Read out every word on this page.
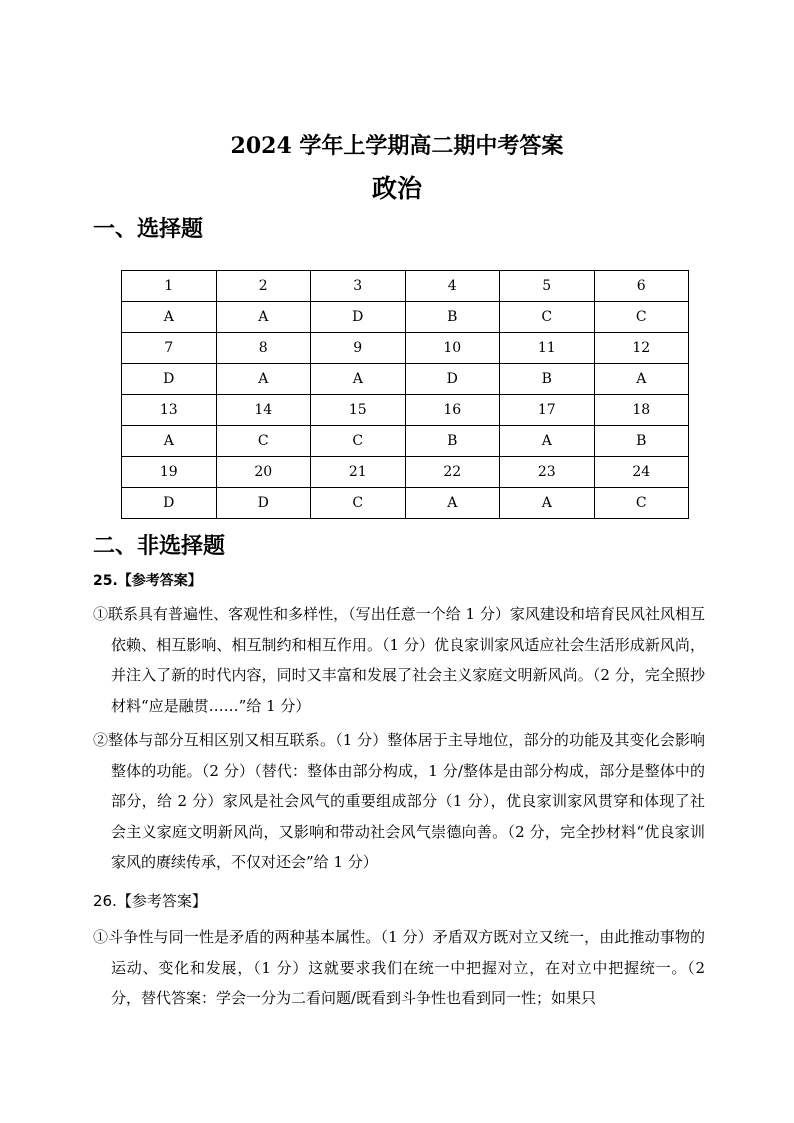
2024 学年上学期高二期中考答案
政治
一、选择题
1	2	3	4	5	6
A	A	D	B	C	C
7	8	9	10	11	12
D	A	A	D	B	A
13	14	15	16	17	18
A	C	C	B	A	B
19	20	21	22	23	24
D	D	C	A	A	C
二、非选择题
25.【参考答案】
①联系具有普遍性、客观性和多样性，（写出任意一个给 1 分）家风建设和培育民风社风相互依赖、相互影响、相互制约和相互作用。（1 分）优良家训家风适应社会生活形成新风尚，并注入了新的时代内容，同时又丰富和发展了社会主义家庭文明新风尚。（2 分，完全照抄材料“应是融贯……”给 1 分）
②整体与部分互相区别又相互联系。（1 分）整体居于主导地位，部分的功能及其变化会影响整体的功能。（2 分）（替代：整体由部分构成，1 分/整体是由部分构成，部分是整体中的部分，给 2 分）家风是社会风气的重要组成部分（1 分），优良家训家风贯穿和体现了社会主义家庭文明新风尚，又影响和带动社会风气崇德向善。（2 分，完全抄材料“优良家训家风的赓续传承，不仅对还会”给 1 分）
26.【参考答案】
①斗争性与同一性是矛盾的两种基本属性。（1 分）矛盾双方既对立又统一，由此推动事物的运动、变化和发展，（1 分）这就要求我们在统一中把握对立，在对立中把握统一。（2 分，替代答案：学会一分为二看问题/既看到斗争性也看到同一性；如果只
